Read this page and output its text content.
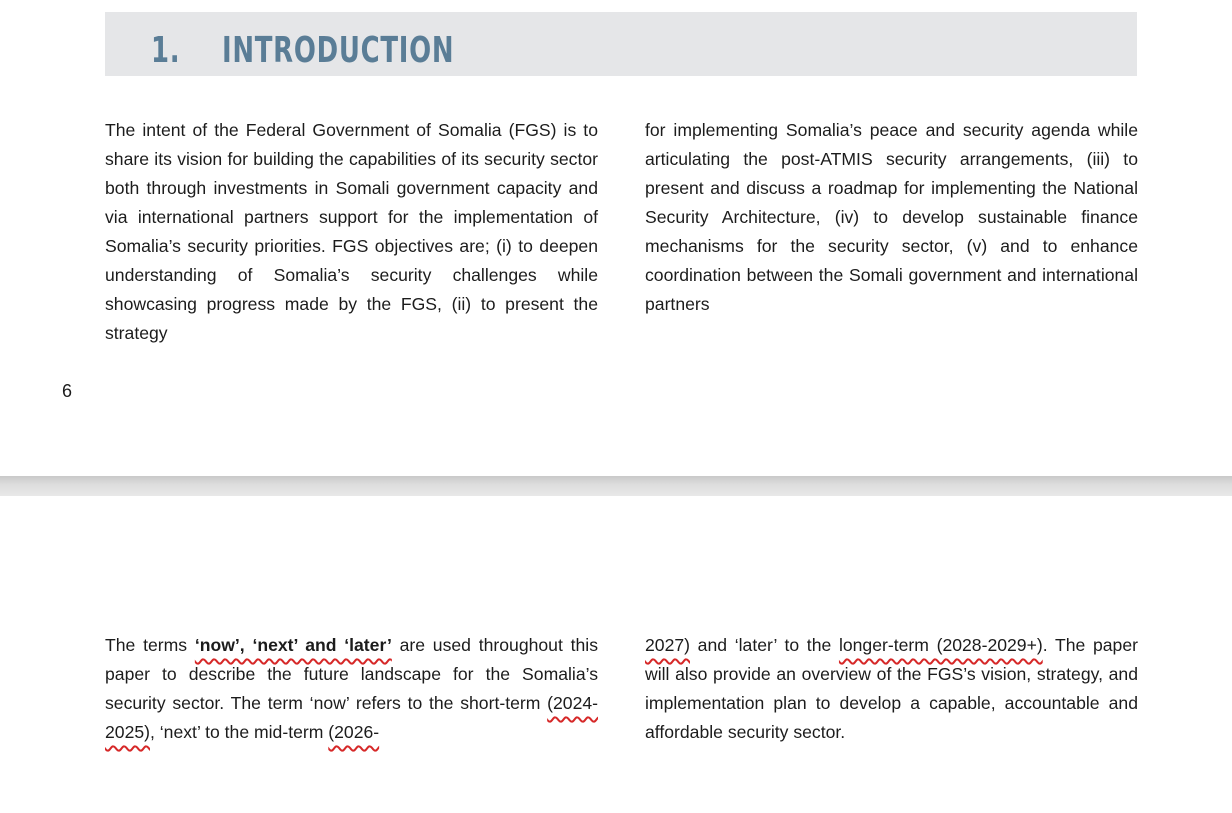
1. INTRODUCTION
The intent of the Federal Government of Somalia (FGS) is to share its vision for building the capabilities of its security sector both through investments in Somali government capacity and via international partners support for the implementation of Somalia’s security priorities. FGS objectives are; (i) to deepen understanding of Somalia’s security challenges while showcasing progress made by the FGS, (ii) to present the strategy
for implementing Somalia’s peace and security agenda while articulating the post-ATMIS security arrangements, (iii) to present and discuss a roadmap for implementing the National Security Architecture, (iv) to develop sustainable finance mechanisms for the security sector, (v) and to enhance coordination between the Somali government and international partners
6
The terms ‘now’, ‘next’ and ‘later’ are used throughout this paper to describe the future landscape for the Somalia’s security sector. The term ‘now’ refers to the short-term (2024-2025), ‘next’ to the mid-term (2026-
2027) and ‘later’ to the longer-term (2028-2029+). The paper will also provide an overview of the FGS’s vision, strategy, and implementation plan to develop a capable, accountable and affordable security sector.
